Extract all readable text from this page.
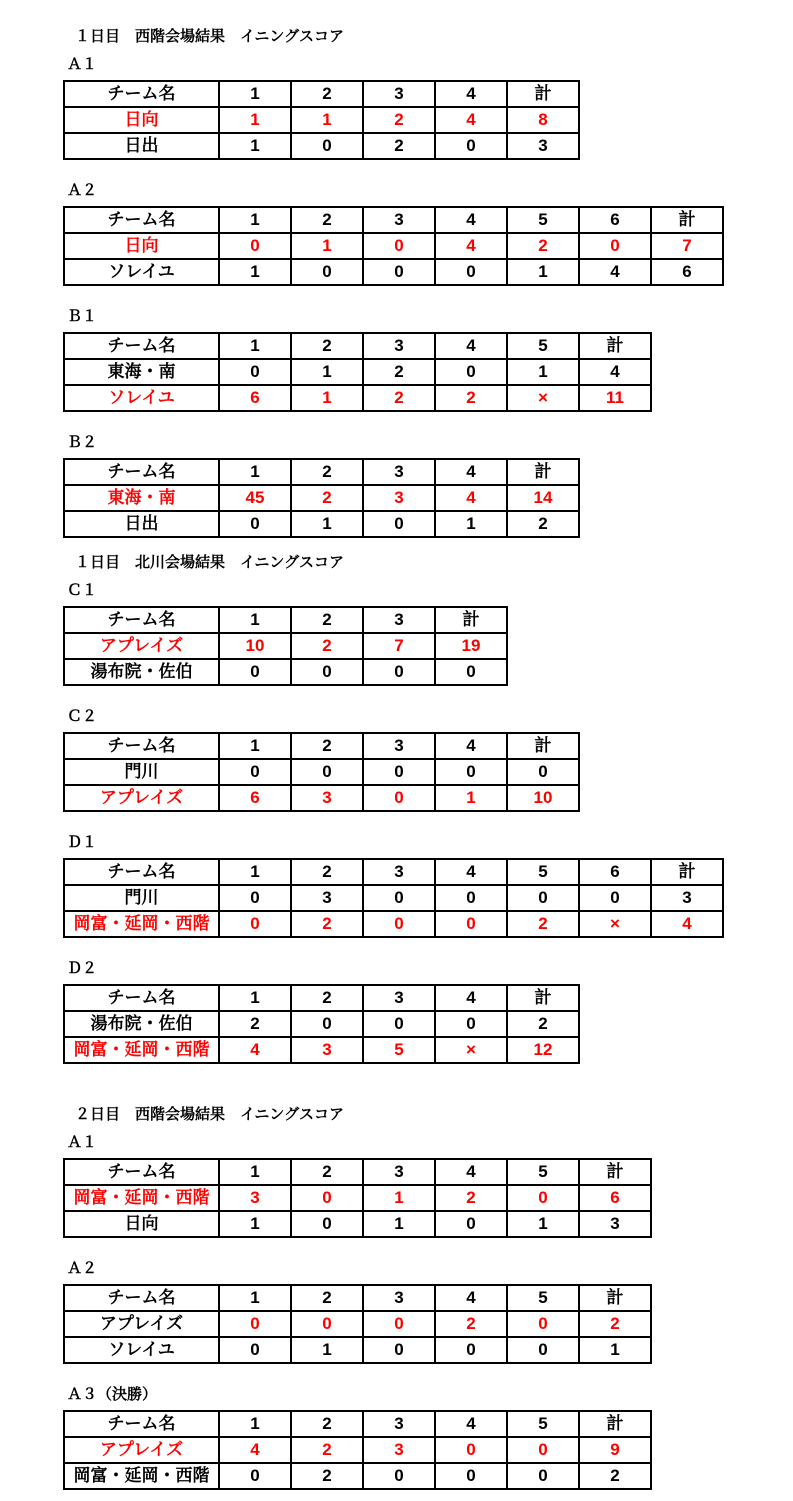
１日目　西階会場結果　イニングスコア
Ａ１
チーム名	1	2	3	4	計
日向	1	1	2	4	8
日出	1	0	2	0	3
Ａ２
チーム名	1	2	3	4	5	6	計
日向	0	1	0	4	2	0	7
ソレイユ	1	0	0	0	1	4	6
Ｂ１
チーム名	1	2	3	4	5	計
東海・南	0	1	2	0	1	4
ソレイユ	6	1	2	2	×	11
Ｂ２
チーム名	1	2	3	4	計
東海・南	45	2	3	4	14
日出	0	1	0	1	2
１日目　北川会場結果　イニングスコア
Ｃ１
チーム名	1	2	3	計
アプレイズ	10	2	7	19
湯布院・佐伯	0	0	0	0
Ｃ２
チーム名	1	2	3	4	計
門川	0	0	0	0	0
アプレイズ	6	3	0	1	10
Ｄ１
チーム名	1	2	3	4	5	6	計
門川	0	3	0	0	0	0	3
岡富・延岡・西階	0	2	0	0	2	×	4
Ｄ２
チーム名	1	2	3	4	計
湯布院・佐伯	2	0	0	0	2
岡富・延岡・西階	4	3	5	×	12
２日目　西階会場結果　イニングスコア
Ａ１
チーム名	1	2	3	4	5	計
岡富・延岡・西階	3	0	1	2	0	6
日向	1	0	1	0	1	3
Ａ２
チーム名	1	2	3	4	5	計
アプレイズ	0	0	0	2	0	2
ソレイユ	0	1	0	0	0	1
Ａ３（決勝）
チーム名	1	2	3	4	5	計
アプレイズ	4	2	3	0	0	9
岡富・延岡・西階	0	2	0	0	0	2
